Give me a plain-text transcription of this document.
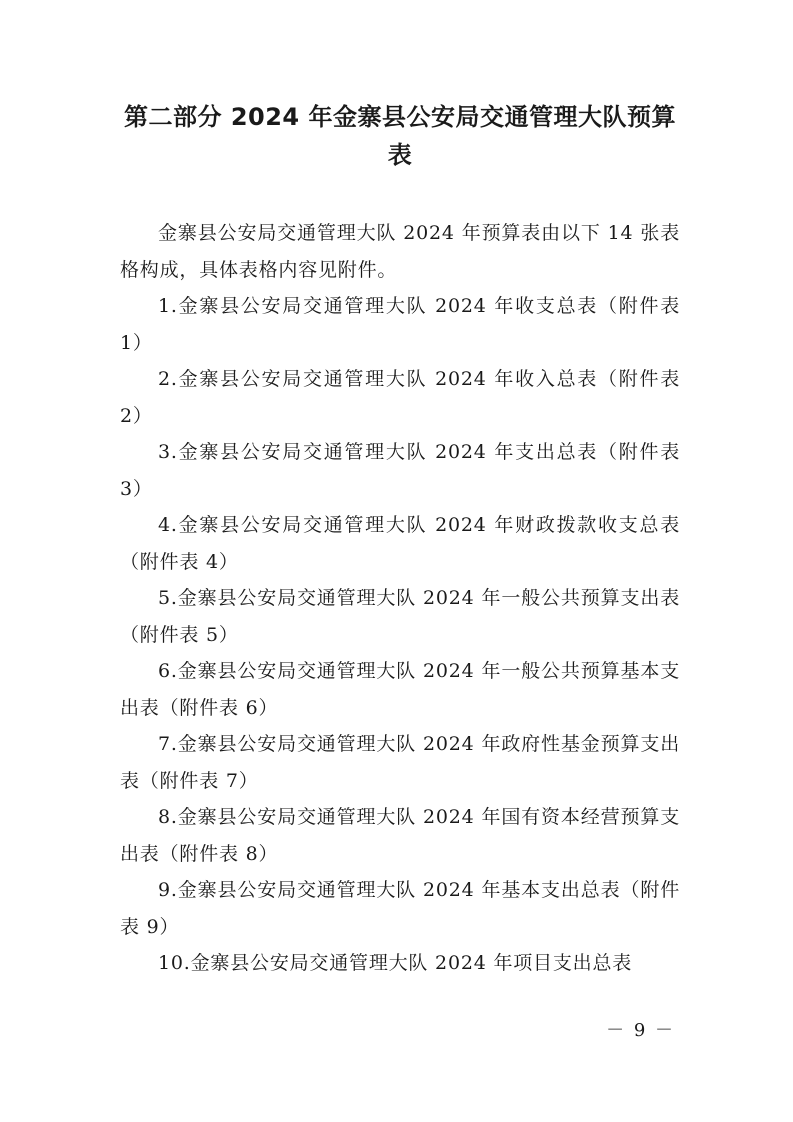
第二部分 2024 年金寨县公安局交通管理大队预算
表

金寨县公安局交通管理大队 2024 年预算表由以下 14 张表格构成，具体表格内容见附件。

1.金寨县公安局交通管理大队 2024 年收支总表（附件表 1）

2.金寨县公安局交通管理大队 2024 年收入总表（附件表 2）

3.金寨县公安局交通管理大队 2024 年支出总表（附件表 3）

4.金寨县公安局交通管理大队 2024 年财政拨款收支总表（附件表 4）

5.金寨县公安局交通管理大队 2024 年一般公共预算支出表（附件表 5）

6.金寨县公安局交通管理大队 2024 年一般公共预算基本支出表（附件表 6）

7.金寨县公安局交通管理大队 2024 年政府性基金预算支出表（附件表 7）

8.金寨县公安局交通管理大队 2024 年国有资本经营预算支出表（附件表 8）

9.金寨县公安局交通管理大队 2024 年基本支出总表（附件表 9）

10.金寨县公安局交通管理大队 2024 年项目支出总表

－ 9 －
